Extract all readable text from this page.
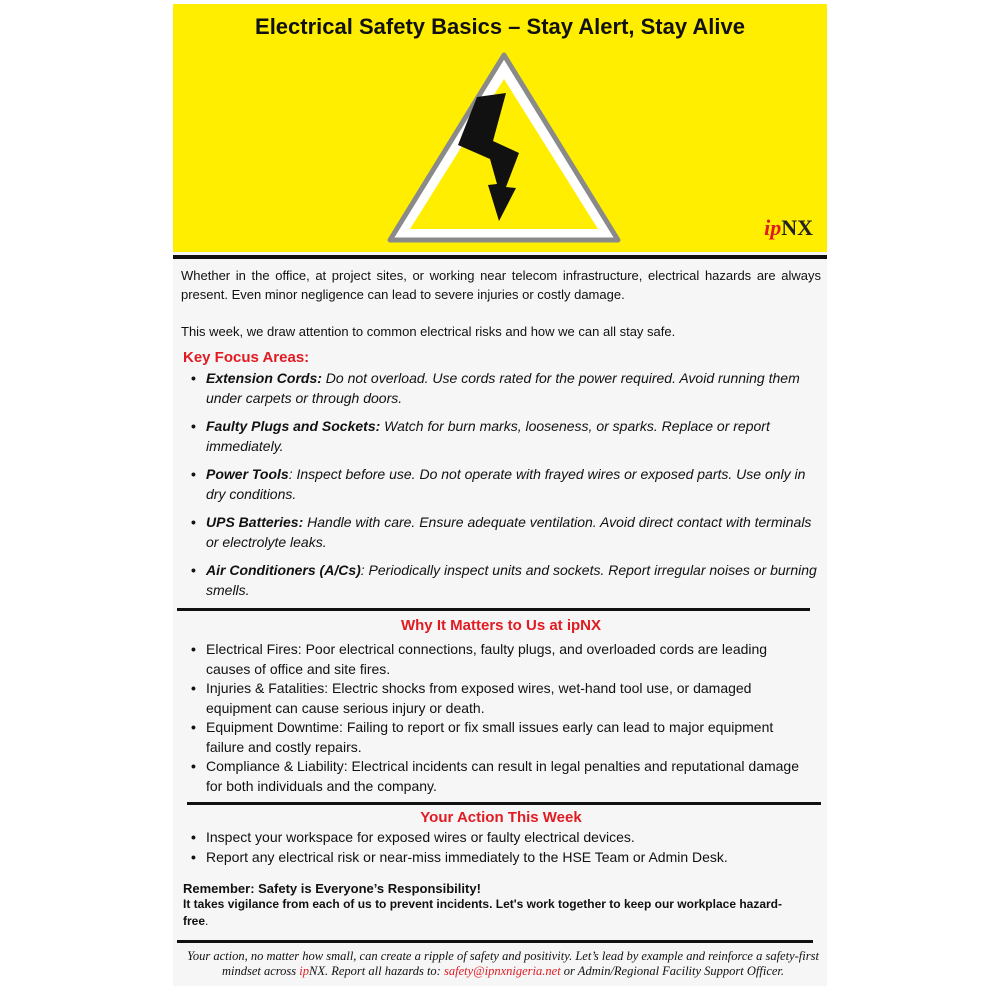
Electrical Safety Basics – Stay Alert, Stay Alive
ipNX

Whether in the office, at project sites, or working near telecom infrastructure, electrical hazards are always present. Even minor negligence can lead to severe injuries or costly damage.

This week, we draw attention to common electrical risks and how we can all stay safe.

Key Focus Areas:
• Extension Cords: Do not overload. Use cords rated for the power required. Avoid running them under carpets or through doors.
• Faulty Plugs and Sockets: Watch for burn marks, looseness, or sparks. Replace or report immediately.
• Power Tools: Inspect before use. Do not operate with frayed wires or exposed parts. Use only in dry conditions.
• UPS Batteries: Handle with care. Ensure adequate ventilation. Avoid direct contact with terminals or electrolyte leaks.
• Air Conditioners (A/Cs): Periodically inspect units and sockets. Report irregular noises or burning smells.
Why It Matters to Us at ipNX
• Electrical Fires: Poor electrical connections, faulty plugs, and overloaded cords are leading causes of office and site fires.
• Injuries & Fatalities: Electric shocks from exposed wires, wet-hand tool use, or damaged equipment can cause serious injury or death.
• Equipment Downtime: Failing to report or fix small issues early can lead to major equipment failure and costly repairs.
• Compliance & Liability: Electrical incidents can result in legal penalties and reputational damage for both individuals and the company.
Your Action This Week
• Inspect your workspace for exposed wires or faulty electrical devices.
• Report any electrical risk or near-miss immediately to the HSE Team or Admin Desk.
Remember: Safety is Everyone’s Responsibility!
It takes vigilance from each of us to prevent incidents. Let's work together to keep our workplace hazard-free.
Your action, no matter how small, can create a ripple of safety and positivity. Let’s lead by example and reinforce a safety-first mindset across ipNX. Report all hazards to: safety@ipnxnigeria.net or Admin/Regional Facility Support Officer.
